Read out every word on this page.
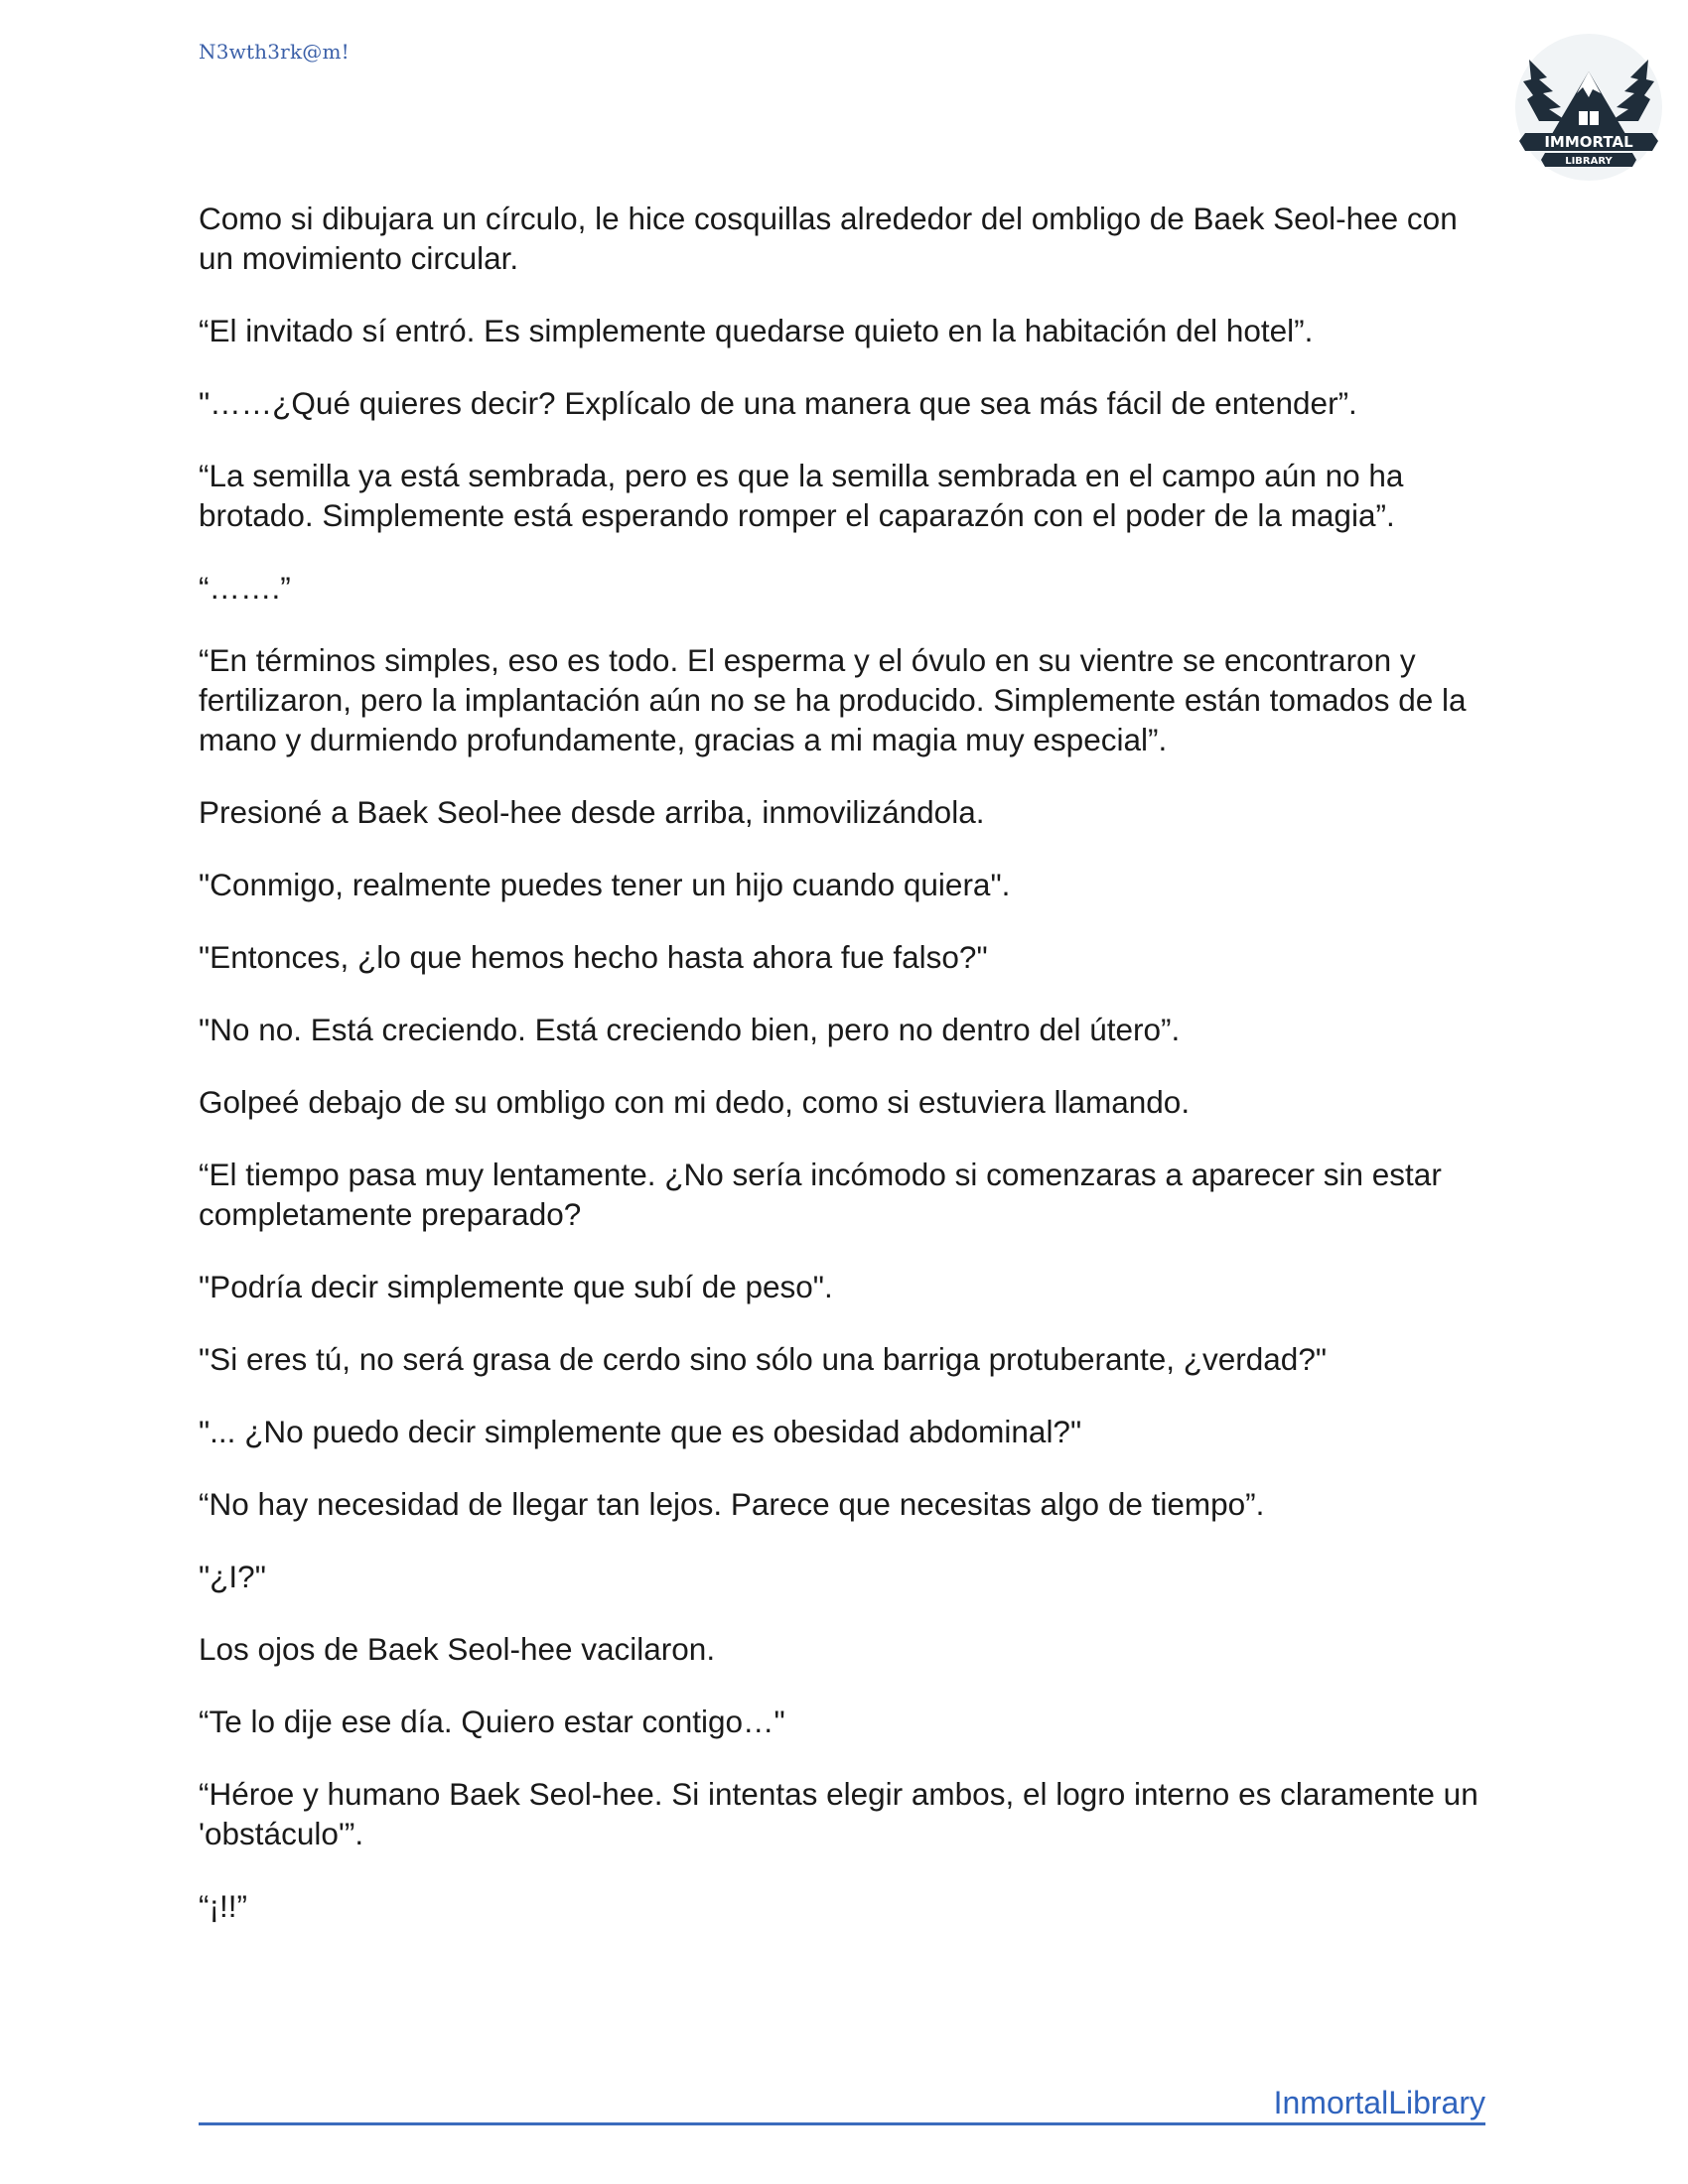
N3wth3rk@m!
IMMORTAL
LIBRARY

Como si dibujara un círculo, le hice cosquillas alrededor del ombligo de Baek Seol-hee con un movimiento circular.

“El invitado sí entró. Es simplemente quedarse quieto en la habitación del hotel”.

"……¿Qué quieres decir? Explícalo de una manera que sea más fácil de entender”.

“La semilla ya está sembrada, pero es que la semilla sembrada en el campo aún no ha brotado. Simplemente está esperando romper el caparazón con el poder de la magia”.

“…….”

“En términos simples, eso es todo. El esperma y el óvulo en su vientre se encontraron y fertilizaron, pero la implantación aún no se ha producido. Simplemente están tomados de la mano y durmiendo profundamente, gracias a mi magia muy especial”.

Presioné a Baek Seol-hee desde arriba, inmovilizándola.

"Conmigo, realmente puedes tener un hijo cuando quiera".

"Entonces, ¿lo que hemos hecho hasta ahora fue falso?"

"No no. Está creciendo. Está creciendo bien, pero no dentro del útero”.

Golpeé debajo de su ombligo con mi dedo, como si estuviera llamando.

“El tiempo pasa muy lentamente. ¿No sería incómodo si comenzaras a aparecer sin estar completamente preparado?

"Podría decir simplemente que subí de peso".

"Si eres tú, no será grasa de cerdo sino sólo una barriga protuberante, ¿verdad?"

"... ¿No puedo decir simplemente que es obesidad abdominal?"

“No hay necesidad de llegar tan lejos. Parece que necesitas algo de tiempo”.

"¿I?"

Los ojos de Baek Seol-hee vacilaron.

“Te lo dije ese día. Quiero estar contigo…"

“Héroe y humano Baek Seol-hee. Si intentas elegir ambos, el logro interno es claramente un 'obstáculo'”.

“¡!!”

InmortalLibrary
